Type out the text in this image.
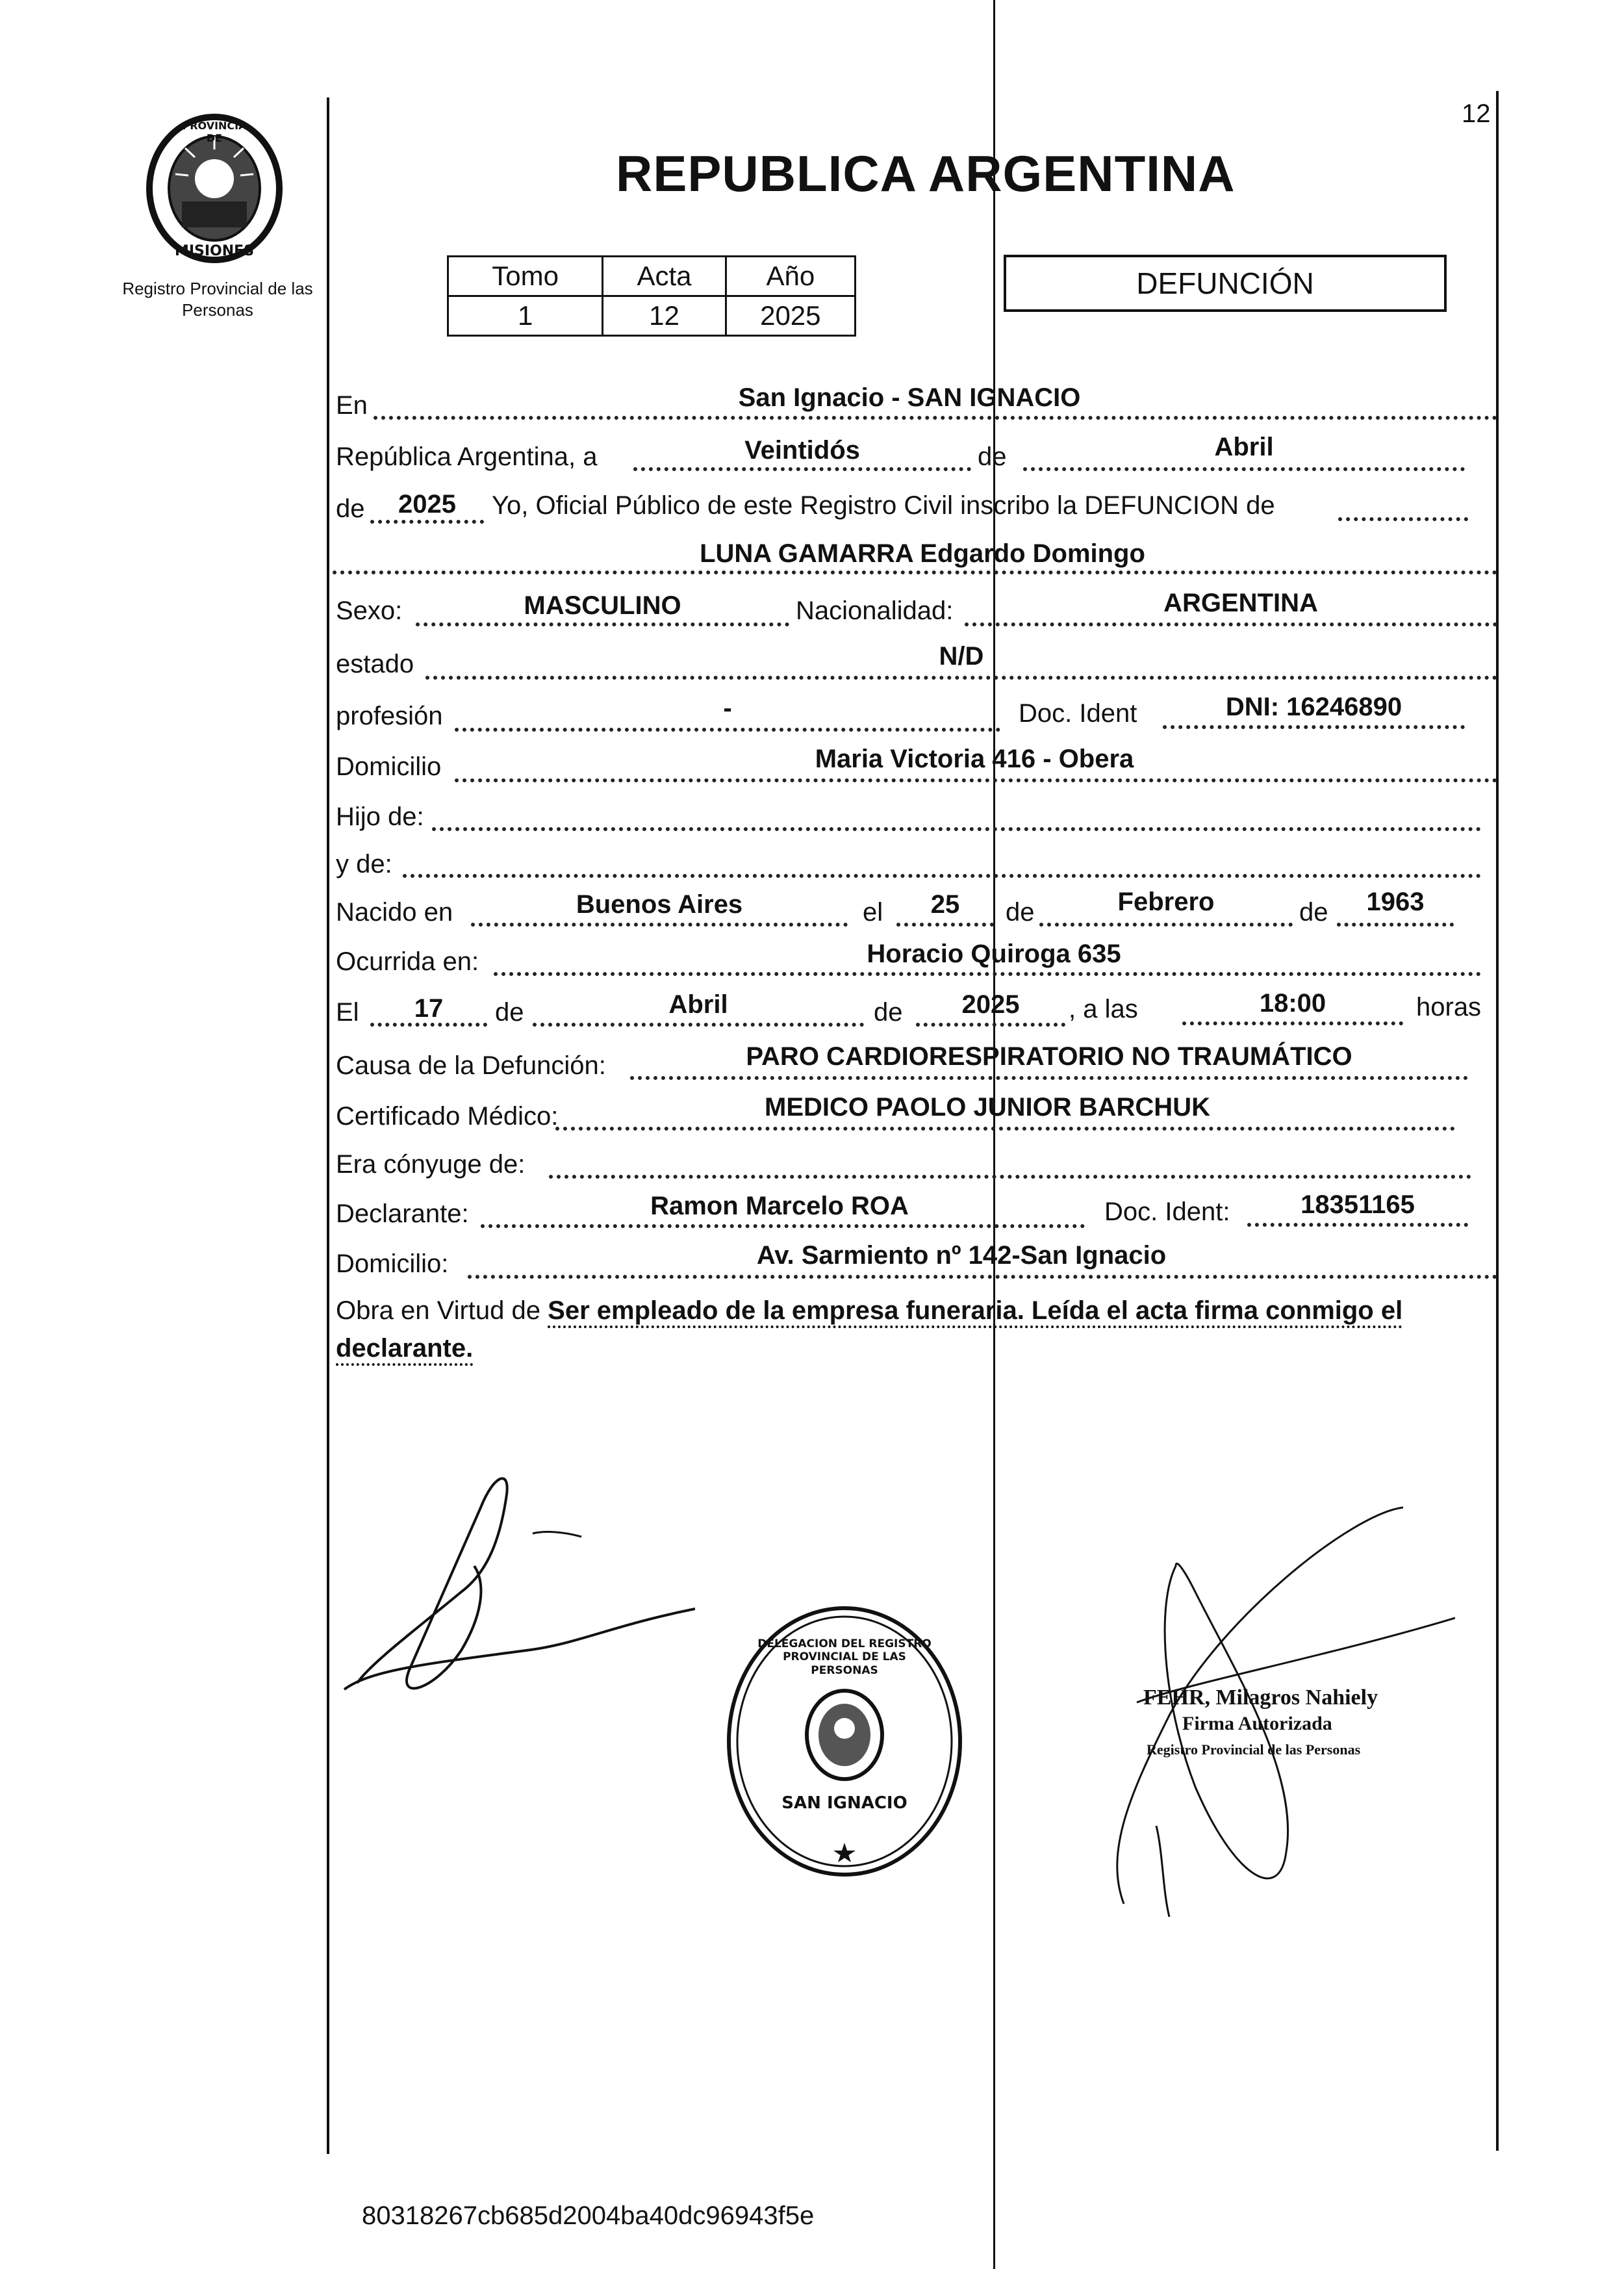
PROVINCIA DE
MISIONES
Registro Provincial de las Personas
12
REPUBLICA ARGENTINA
Tomo	Acta	Año
1	12	2025
DEFUNCIÓN
En	San Ignacio - SAN IGNACIO
República Argentina, a	Veintidós	de	Abril
de	2025	Yo, Oficial Público de este Registro Civil inscribo la DEFUNCION de
LUNA GAMARRA Edgardo Domingo
Sexo:	MASCULINO	Nacionalidad:	ARGENTINA
estado	N/D
profesión	-	Doc. Ident	DNI: 16246890
Domicilio	Maria Victoria 416 - Obera
Hijo de:
y de:
Nacido en	Buenos Aires	el	25	de	Febrero	de	1963
Ocurrida en:	Horacio Quiroga 635
El	17	de	Abril	de	2025	, a las	18:00	horas
Causa de la Defunción:	PARO CARDIORESPIRATORIO NO TRAUMÁTICO
Certificado Médico:	MEDICO PAOLO JUNIOR BARCHUK
Era cónyuge de:
Declarante:	Ramon Marcelo ROA	Doc. Ident:	18351165
Domicilio:	Av. Sarmiento nº 142-San Ignacio
Obra en Virtud de Ser empleado de la empresa funeraria. Leída el acta firma conmigo el declarante.
DELEGACION DEL REGISTRO PROVINCIAL DE LAS PERSONAS
SAN IGNACIO
FEHR, Milagros Nahiely
Firma Autorizada
Registro Provincial de las Personas
80318267cb685d2004ba40dc96943f5e
